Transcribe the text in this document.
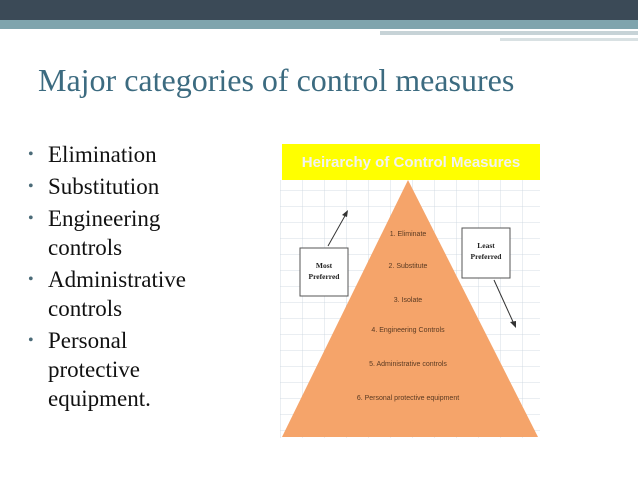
Major categories of control measures
• Elimination
• Substitution
• Engineering
controls
• Administrative
controls
• Personal
protective
equipment.
Heirarchy of Control Measures
1. Eliminate
2. Substitute
3. Isolate
4. Engineering Controls
5. Administrative controls
6. Personal protective equipment
Most
Preferred
Least
Preferred
